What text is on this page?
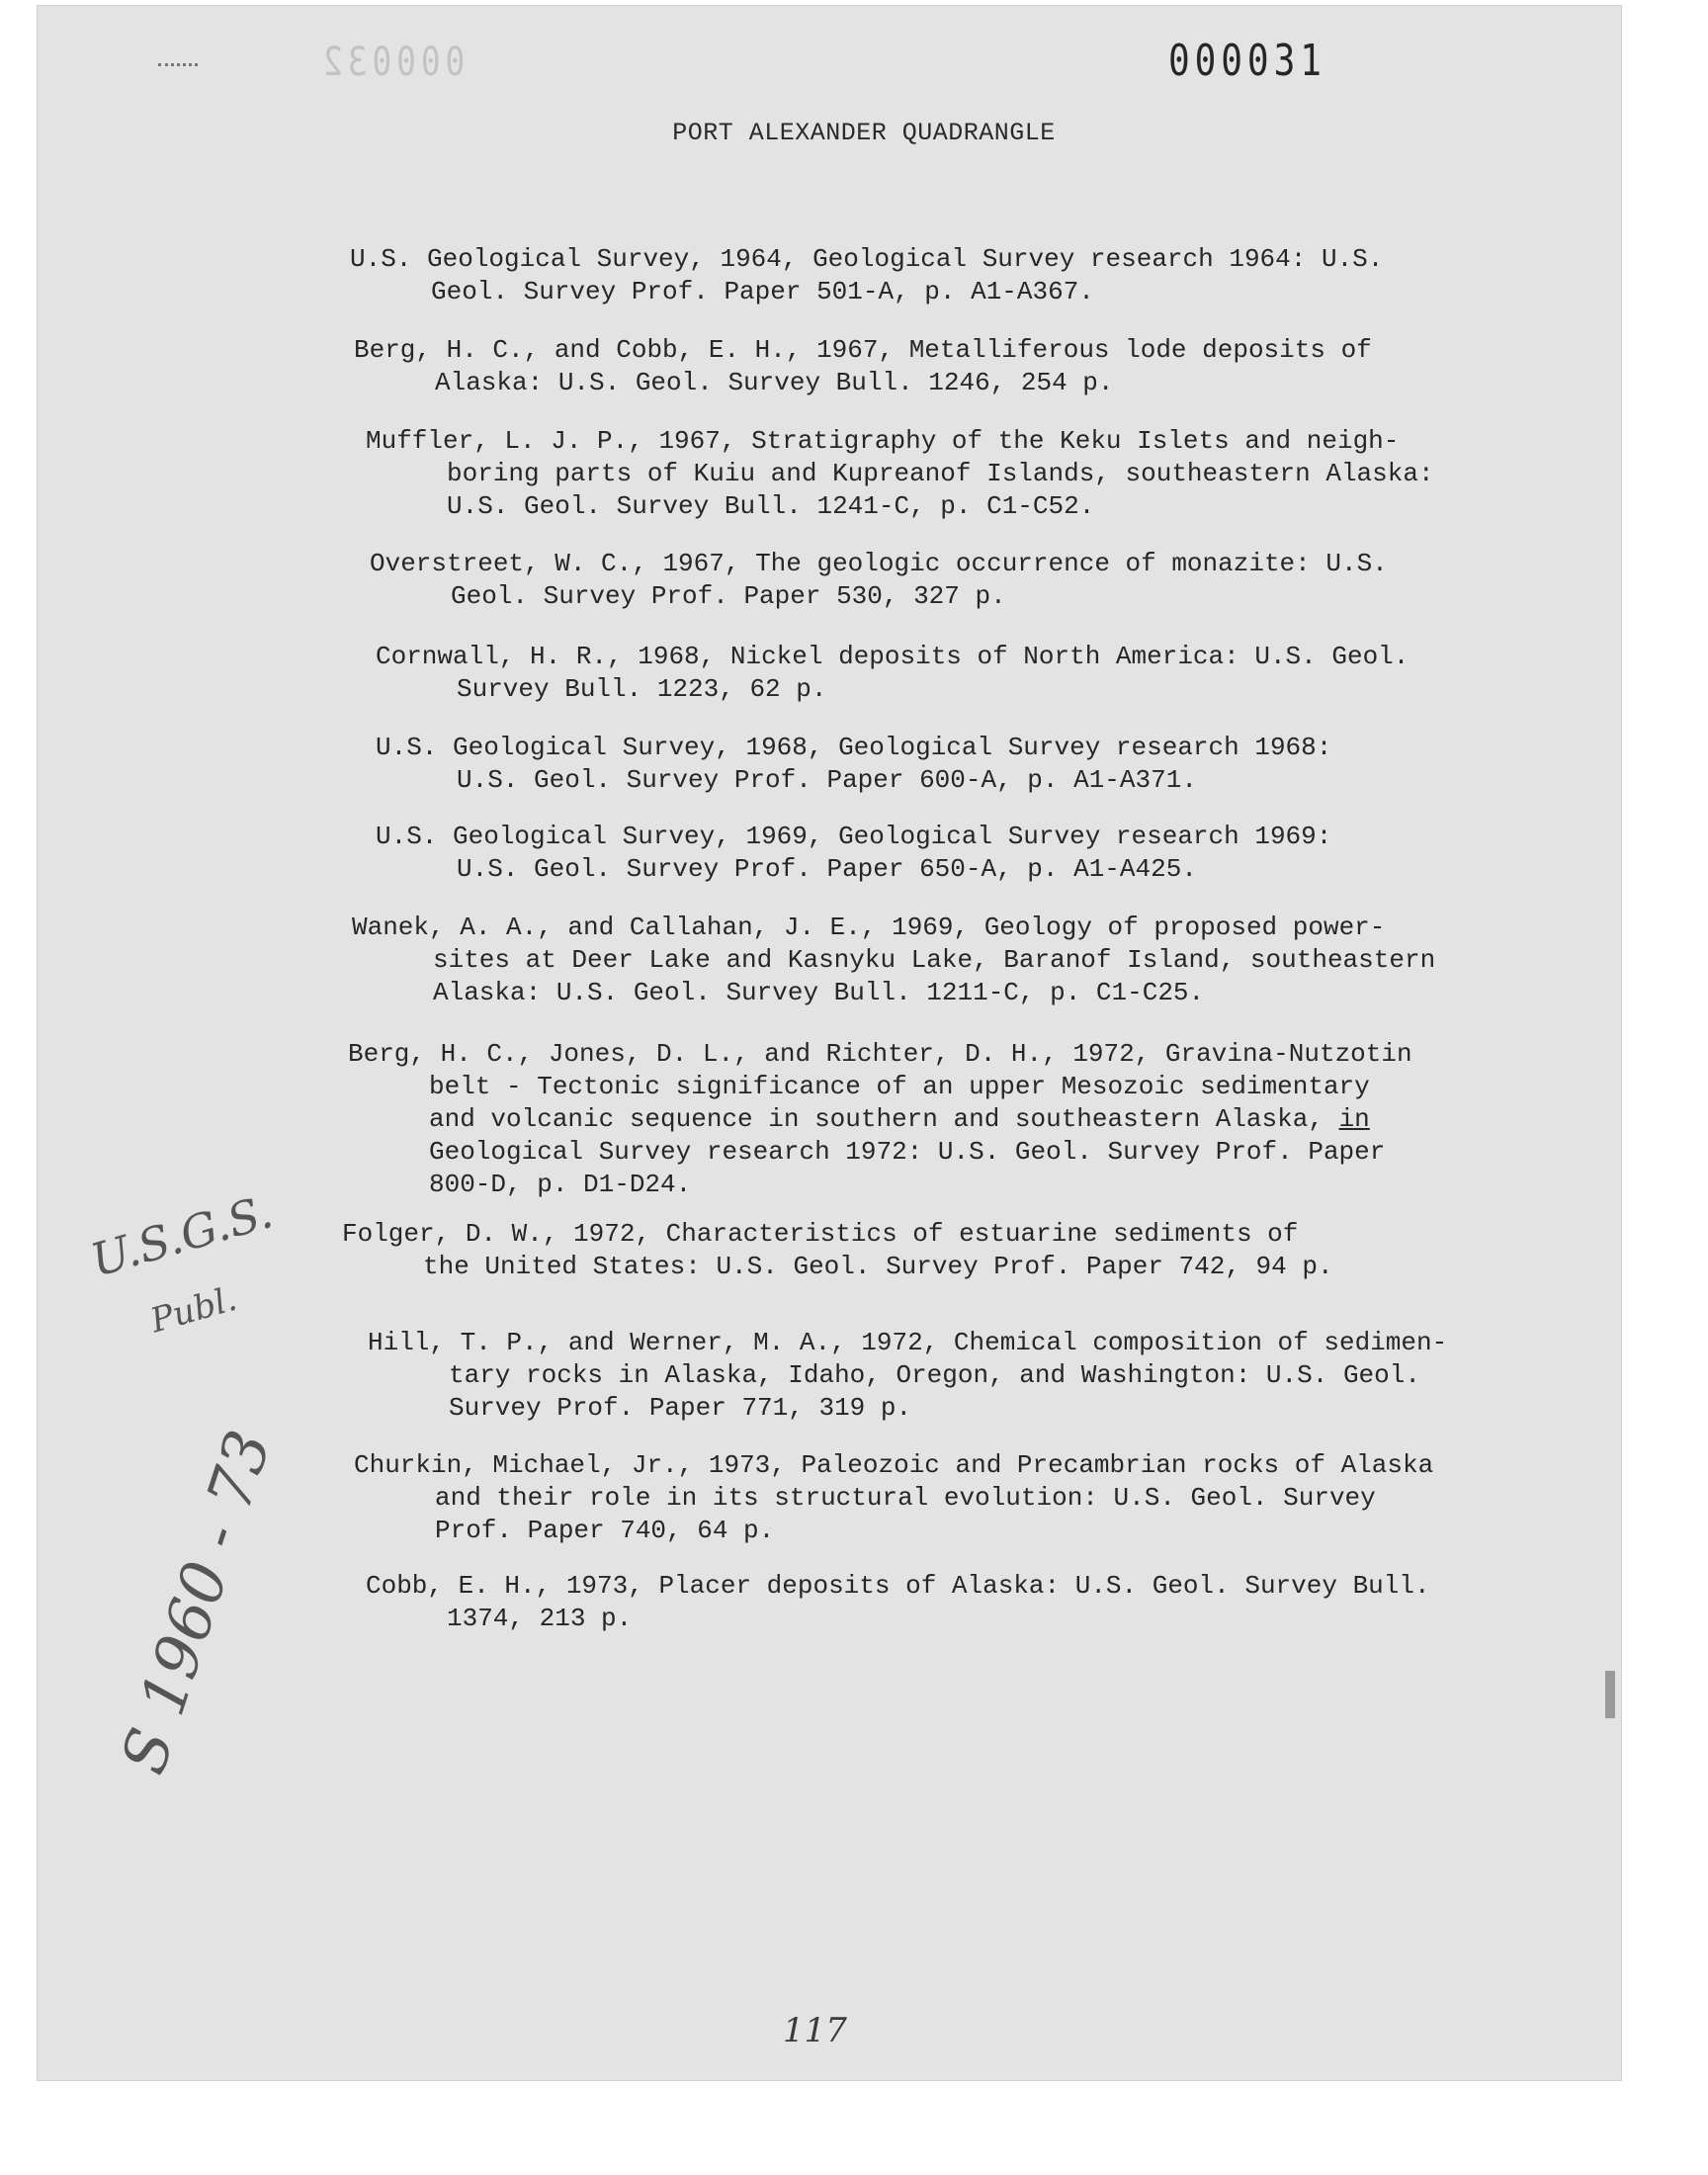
000032	000031
PORT ALEXANDER QUADRANGLE

U.S. Geological Survey, 1964, Geological Survey research 1964: U.S.
Geol. Survey Prof. Paper 501-A, p. A1-A367.

Berg, H. C., and Cobb, E. H., 1967, Metalliferous lode deposits of
Alaska: U.S. Geol. Survey Bull. 1246, 254 p.

Muffler, L. J. P., 1967, Stratigraphy of the Keku Islets and neigh-
boring parts of Kuiu and Kupreanof Islands, southeastern Alaska:
U.S. Geol. Survey Bull. 1241-C, p. C1-C52.

Overstreet, W. C., 1967, The geologic occurrence of monazite: U.S.
Geol. Survey Prof. Paper 530, 327 p.

Cornwall, H. R., 1968, Nickel deposits of North America: U.S. Geol.
Survey Bull. 1223, 62 p.

U.S. Geological Survey, 1968, Geological Survey research 1968:
U.S. Geol. Survey Prof. Paper 600-A, p. A1-A371.

U.S. Geological Survey, 1969, Geological Survey research 1969:
U.S. Geol. Survey Prof. Paper 650-A, p. A1-A425.

Wanek, A. A., and Callahan, J. E., 1969, Geology of proposed power-
sites at Deer Lake and Kasnyku Lake, Baranof Island, southeastern
Alaska: U.S. Geol. Survey Bull. 1211-C, p. C1-C25.

Berg, H. C., Jones, D. L., and Richter, D. H., 1972, Gravina-Nutzotin
belt - Tectonic significance of an upper Mesozoic sedimentary
and volcanic sequence in southern and southeastern Alaska, in
Geological Survey research 1972: U.S. Geol. Survey Prof. Paper
800-D, p. D1-D24.

Folger, D. W., 1972, Characteristics of estuarine sediments of
the United States: U.S. Geol. Survey Prof. Paper 742, 94 p.

Hill, T. P., and Werner, M. A., 1972, Chemical composition of sedimen-
tary rocks in Alaska, Idaho, Oregon, and Washington: U.S. Geol.
Survey Prof. Paper 771, 319 p.

Churkin, Michael, Jr., 1973, Paleozoic and Precambrian rocks of Alaska
and their role in its structural evolution: U.S. Geol. Survey
Prof. Paper 740, 64 p.

Cobb, E. H., 1973, Placer deposits of Alaska: U.S. Geol. Survey Bull.
1374, 213 p.

U.S.G.S.
Publ.
S 1960 - 73
117
